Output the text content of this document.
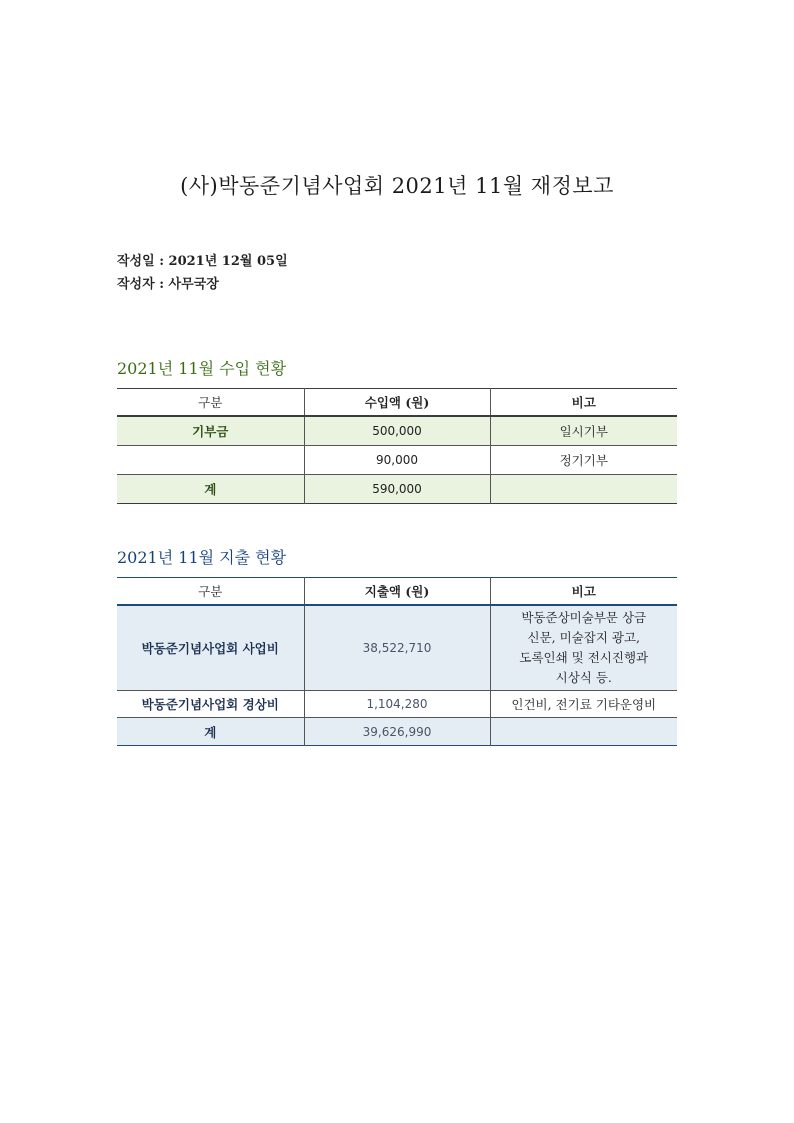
(사)박동준기념사업회 2021년 11월 재정보고
작성일 : 2021년 12월 05일
작성자 : 사무국장
2021년 11월 수입 현황
구분	수입액 (원)	비고
기부금	500,000	일시기부
	90,000	정기기부
계	590,000	
2021년 11월 지출 현황
구분	지출액 (원)	비고
박동준기념사업회 사업비	38,522,710	박동준상미술부문 상금
신문, 미술잡지 광고,
도록인쇄 및 전시진행과
시상식 등.

박동준기념사업회 경상비	1,104,280	인건비, 전기료 기타운영비
계	39,626,990	
